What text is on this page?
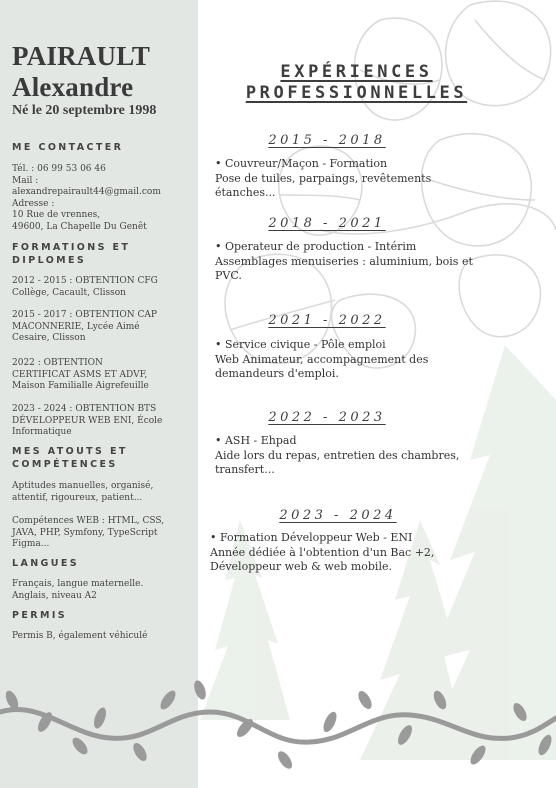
PAIRAULT
Alexandre
Né le 20 septembre 1998
ME CONTACTER
Tél. : 06 99 53 06 46
Mail :
alexandrepairault44@gmail.com
Adresse :
10 Rue de vrennes,
49600, La Chapelle Du Genêt
FORMATIONS ET
DIPLOMES
2012 - 2015 : OBTENTION CFG
Collège, Cacault, Clisson
2015 - 2017 : OBTENTION CAP
MACONNERIE, Lycée Aimé
Cesaire, Clisson
2022 : OBTENTION
CERTIFICAT ASMS ET ADVF,
Maison Familialle Aigrefeuille
2023 - 2024 : OBTENTION BTS
DÉVELOPPEUR WEB ENI, École
Informatique
MES ATOUTS ET
COMPÉTENCES
Aptitudes manuelles, organisé,
attentif, rigoureux, patient...
Compétences WEB : HTML, CSS,
JAVA, PHP, Symfony, TypeScript
Figma...
LANGUES
Français, langue maternelle.
Anglais, niveau A2
PERMIS
Permis B, également véhiculé
EXPÉRIENCES
PROFESSIONNELLES
2015 - 2018
• Couvreur/Maçon - Formation
Pose de tuiles, parpaings, revêtements
étanches...
2018 - 2021
• Operateur de production - Intérim
Assemblages menuiseries : aluminium, bois et
PVC.
2021 - 2022
• Service civique - Pôle emploi
Web Animateur, accompagnement des
demandeurs d'emploi.
2022 - 2023
• ASH - Ehpad
Aide lors du repas, entretien des chambres,
transfert...
2023 - 2024
• Formation Développeur Web - ENI
Année dédiée à l'obtention d'un Bac +2,
Développeur web & web mobile.
